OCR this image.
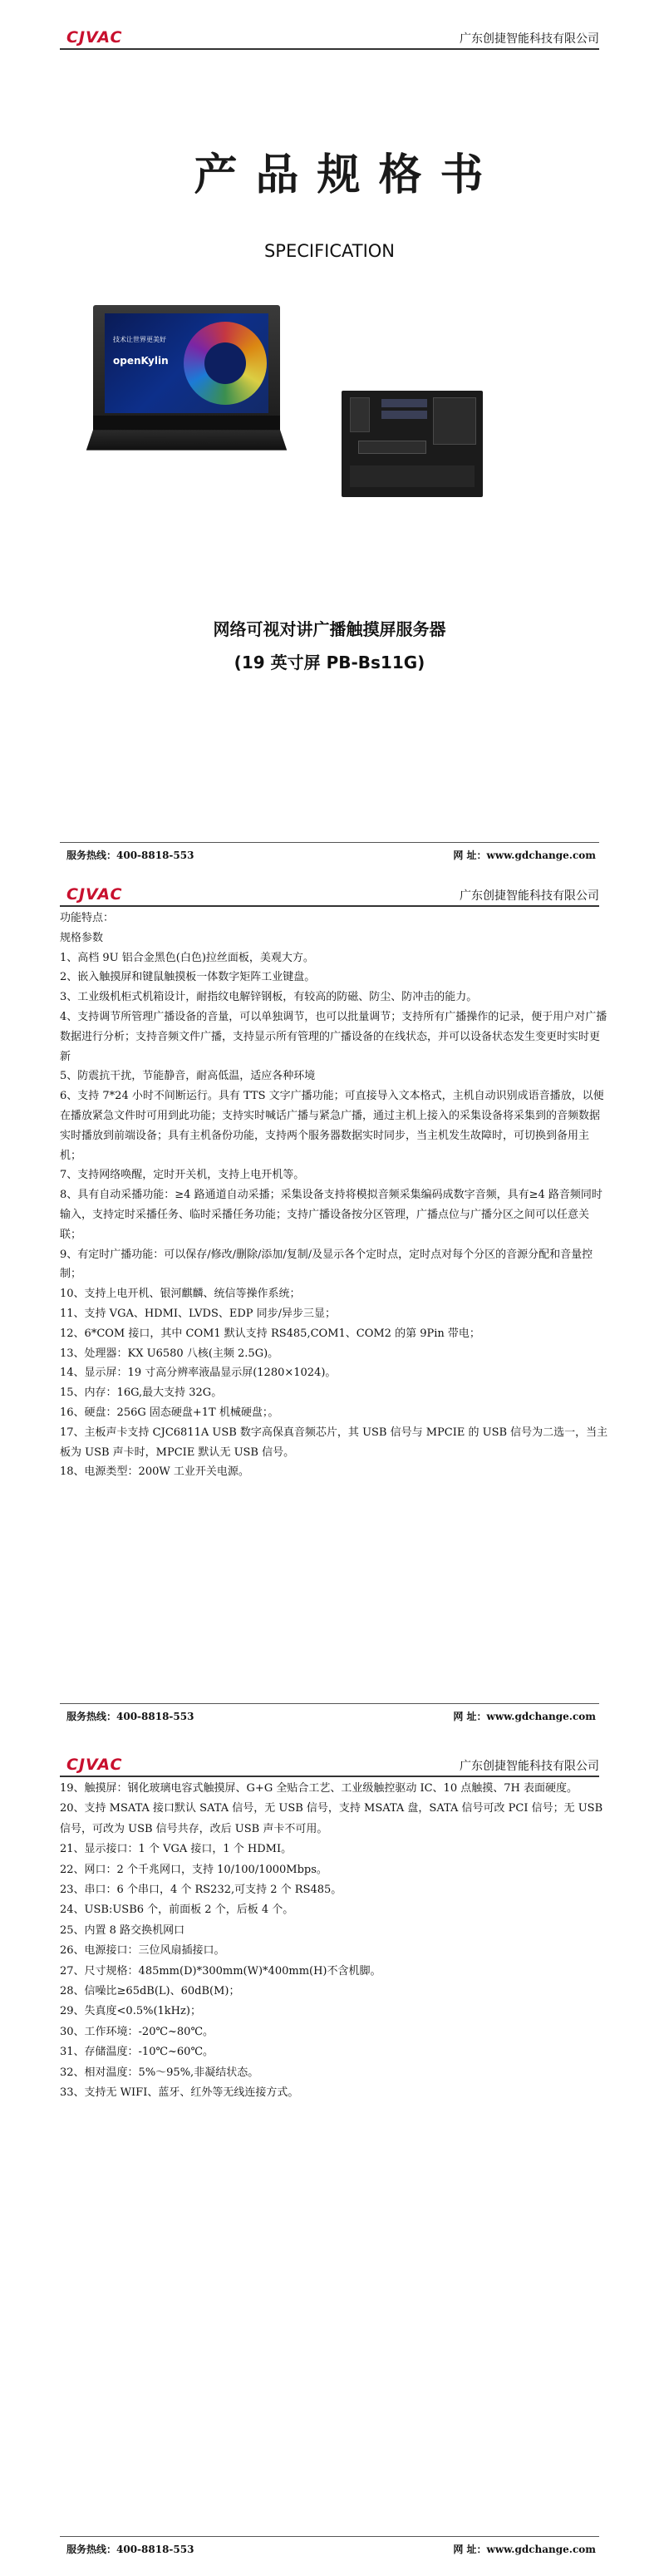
CJVAC	广东创捷智能科技有限公司
产品规格书
SPECIFICATION
技术让世界更美好
openKylin
网络可视对讲广播触摸屏服务器
(19 英寸屏 PB-Bs11G)
服务热线：400-8818-553	网 址：www.gdchange.com
CJVAC	广东创捷智能科技有限公司

功能特点：

规格参数

1、高档 9U 铝合金黑色(白色)拉丝面板，美观大方。

2、嵌入触摸屏和键鼠触摸板一体数字矩阵工业键盘。

3、工业级机柜式机箱设计，耐指纹电解锌钢板，有较高的防磁、防尘、防冲击的能力。

4、支持调节所管理广播设备的音量，可以单独调节，也可以批量调节；支持所有广播操作的记录，便于用户对广播数据进行分析；支持音频文件广播，支持显示所有管理的广播设备的在线状态，并可以设备状态发生变更时实时更新

5、防震抗干扰，节能静音，耐高低温，适应各种环境

6、支持 7*24 小时不间断运行。具有 TTS 文字广播功能；可直接导入文本格式，主机自动识别成语音播放，以便在播放紧急文件时可用到此功能；支持实时喊话广播与紧急广播，通过主机上接入的采集设备将采集到的音频数据实时播放到前端设备；具有主机备份功能，支持两个服务器数据实时同步，当主机发生故障时，可切换到备用主机；

7、支持网络唤醒，定时开关机，支持上电开机等。

8、具有自动采播功能：≥4 路通道自动采播；采集设备支持将模拟音频采集编码成数字音频，具有≥4 路音频同时输入，支持定时采播任务、临时采播任务功能；支持广播设备按分区管理，广播点位与广播分区之间可以任意关联；

9、有定时广播功能：可以保存/修改/删除/添加/复制/及显示各个定时点，定时点对每个分区的音源分配和音量控制；

10、支持上电开机、银河麒麟、统信等操作系统；

11、支持 VGA、HDMI、LVDS、EDP 同步/异步三显；

12、6*COM 接口，其中 COM1 默认支持 RS485,COM1、COM2 的第 9Pin 带电；

13、处理器：KX U6580 八核(主频 2.5G)。

14、显示屏：19 寸高分辨率液晶显示屏(1280×1024)。

15、内存：16G,最大支持 32G。

16、硬盘：256G 固态硬盘+1T 机械硬盘；。

17、主板声卡支持 CJC6811A USB 数字高保真音频芯片，其 USB 信号与 MPCIE 的 USB 信号为二选一，当主板为 USB 声卡时，MPCIE 默认无 USB 信号。

18、电源类型：200W 工业开关电源。

服务热线：400-8818-553	网 址：www.gdchange.com
CJVAC	广东创捷智能科技有限公司

19、触摸屏：钢化玻璃电容式触摸屏、G+G 全贴合工艺、工业级触控驱动 IC、10 点触摸、7H 表面硬度。

20、支持 MSATA 接口默认 SATA 信号，无 USB 信号，支持 MSATA 盘，SATA 信号可改 PCI 信号；无 USB 信号，可改为 USB 信号共存，改后 USB 声卡不可用。

21、显示接口：1 个 VGA 接口，1 个 HDMI。

22、网口：2 个千兆网口，支持 10/100/1000Mbps。

23、串口：6 个串口，4 个 RS232,可支持 2 个 RS485。

24、USB:USB6 个，前面板 2 个，后板 4 个。

25、内置 8 路交换机网口

26、电源接口：三位风扇插接口。

27、尺寸规格：485mm(D)*300mm(W)*400mm(H)不含机脚。

28、信噪比≥65dB(L)、60dB(M)；

29、失真度<0.5%(1kHz)；

30、工作环境：-20℃~80℃。

31、存储温度：-10℃~60℃。

32、相对温度：5%～95%,非凝结状态。

33、支持无 WIFI、蓝牙、红外等无线连接方式。

服务热线：400-8818-553	网 址：www.gdchange.com
